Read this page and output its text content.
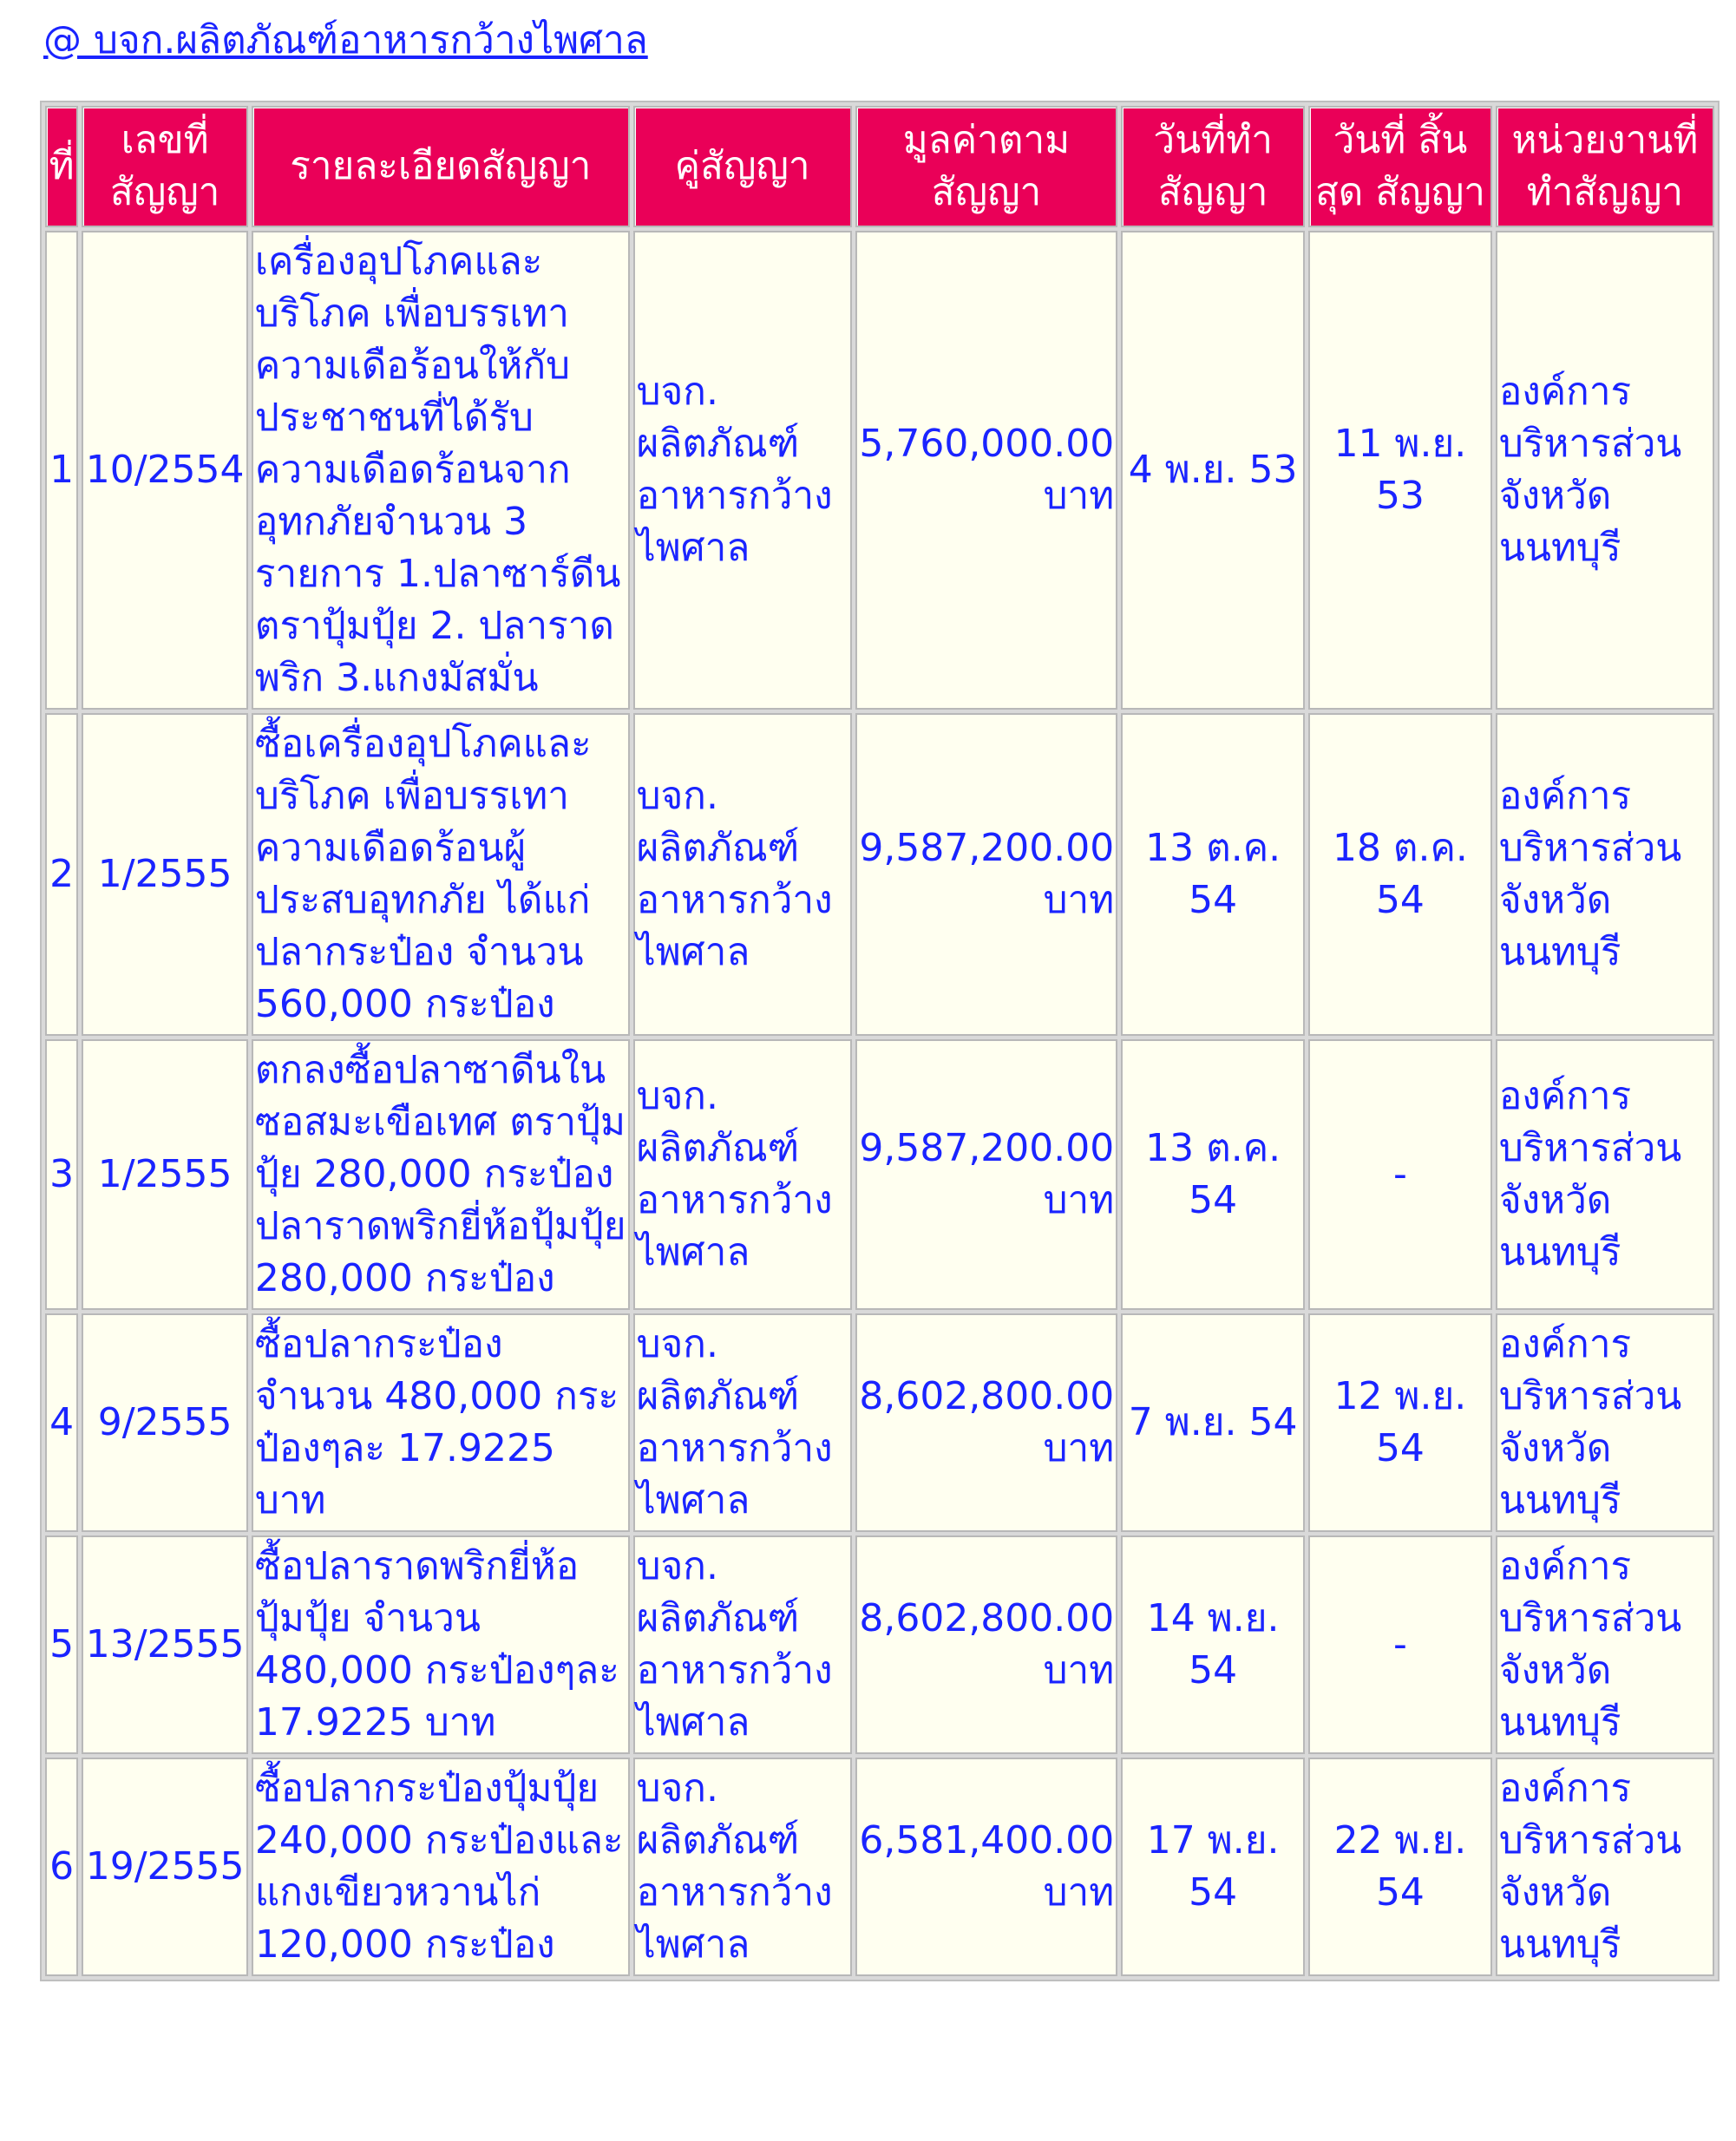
@ บจก.ผลิตภัณฑ์อาหารกว้างไพศาล
ที่	เลขที่ สัญญา	รายละเอียดสัญญา	คู่สัญญา	มูลค่าตาม สัญญา	วันที่ทำ สัญญา	วันที่ สิ้นสุด สัญญา	หน่วยงานที่ ทำสัญญา
1	10/2554	เครื่องอุปโภคและบริโภค เพื่อบรรเทาความเดือร้อนให้กับประชาชนที่ได้รับความเดือดร้อนจากอุทกภัยจำนวน 3 รายการ 1.ปลาซาร์ดีน ตราปุ้มปุ้ย 2. ปลาราดพริก 3.แกงมัสมั่น	บจก. ผลิตภัณฑ์อาหารกว้างไพศาล	5,760,000.00 บาท	4 พ.ย. 53	11 พ.ย. 53	องค์การบริหารส่วนจังหวัดนนทบุรี
2	1/2555	ซื้อเครื่องอุปโภคและบริโภค เพื่อบรรเทาความเดือดร้อนผู้ประสบอุทกภัย ได้แก่ปลากระป๋อง จำนวน 560,000 กระป๋อง	บจก. ผลิตภัณฑ์อาหารกว้างไพศาล	9,587,200.00 บาท	13 ต.ค. 54	18 ต.ค. 54	องค์การบริหารส่วนจังหวัดนนทบุรี
3	1/2555	ตกลงซื้อปลาซาดีนในซอสมะเขือเทศ ตราปุ้มปุ้ย 280,000 กระป๋อง ปลาราดพริกยี่ห้อปุ้มปุ้ย 280,000 กระป๋อง	บจก. ผลิตภัณฑ์อาหารกว้างไพศาล	9,587,200.00 บาท	13 ต.ค. 54	-	องค์การบริหารส่วนจังหวัดนนทบุรี
4	9/2555	ซื้อปลากระป๋อง จำนวน 480,000 กระป๋องๆละ 17.9225 บาท	บจก. ผลิตภัณฑ์อาหารกว้างไพศาล	8,602,800.00 บาท	7 พ.ย. 54	12 พ.ย. 54	องค์การบริหารส่วนจังหวัดนนทบุรี
5	13/2555	ซื้อปลาราดพริกยี่ห้อปุ้มปุ้ย จำนวน 480,000 กระป๋องๆละ 17.9225 บาท	บจก. ผลิตภัณฑ์อาหารกว้างไพศาล	8,602,800.00 บาท	14 พ.ย. 54	-	องค์การบริหารส่วนจังหวัดนนทบุรี
6	19/2555	ซื้อปลากระป๋องปุ้มปุ้ย 240,000 กระป๋องและแกงเขียวหวานไก่ 120,000 กระป๋อง	บจก. ผลิตภัณฑ์อาหารกว้างไพศาล	6,581,400.00 บาท	17 พ.ย. 54	22 พ.ย. 54	องค์การบริหารส่วนจังหวัดนนทบุรี
